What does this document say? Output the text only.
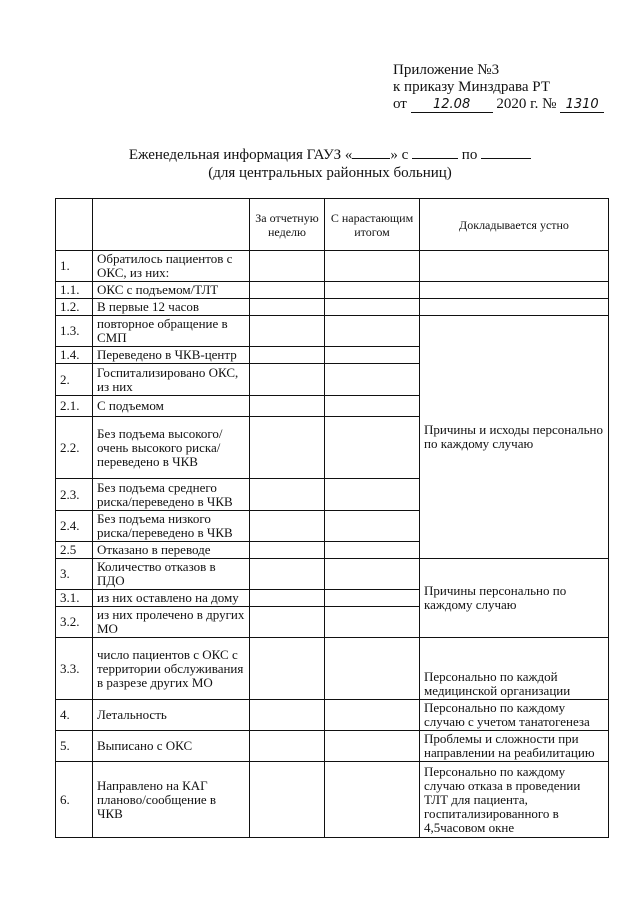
Приложение №3
к приказу Минздрава РТ
от 12.08 2020 г. № 1310
Еженедельная информация ГАУЗ «	» с	по
(для центральных районных больниц)
		За отчетную неделю	С нарастающим итогом	Докладывается устно
1.	Обратилось пациентов с ОКС, из них:			
1.1.	ОКС с подъемом/ТЛТ			
1.2.	В первые 12 часов			
1.3.	повторное обращение в СМП			Причины и исходы персонально по каждому случаю
1.4.	Переведено в ЧКВ-центр			
2.	Госпитализировано ОКС, из них			
2.1.	С подъемом			
2.2.	Без подъема высокого/очень высокого риска/переведено в ЧКВ			
2.3.	Без подъема среднего риска/переведено в ЧКВ			
2.4.	Без подъема низкого риска/переведено в ЧКВ			
2.5	Отказано в переводе			
3.	Количество отказов в ПДО			Причины персонально по каждому случаю
3.1.	из них оставлено на дому			
3.2.	из них пролечено в других МО			
3.3.	число пациентов с ОКС с территории обслуживания в разрезе других МО			Персонально по каждой медицинской организации
4.	Летальность			Персонально по каждому случаю с учетом танатогенеза
5.	Выписано с ОКС			Проблемы и сложности при направлении на реабилитацию
6.	Направлено на КАГ планово/сообщение в ЧКВ			Персонально по каждому случаю отказа в проведении ТЛТ для пациента, госпитализированного в 4,5часовом окне
